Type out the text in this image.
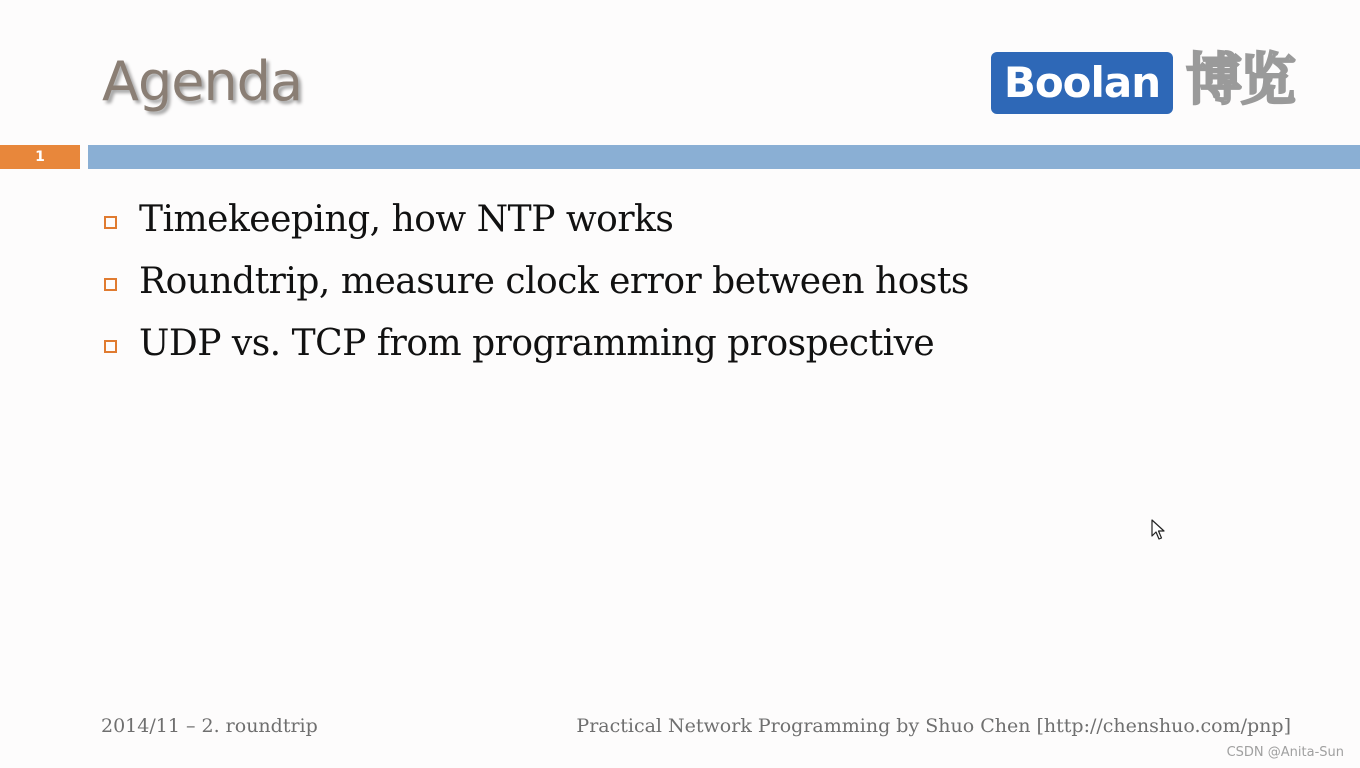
Agenda	Boolan 博览
1
Timekeeping, how NTP works
Roundtrip, measure clock error between hosts
UDP vs. TCP from programming prospective
2014/11 – 2. roundtrip	Practical Network Programming by Shuo Chen [http://chenshuo.com/pnp]
CSDN @Anita-Sun
